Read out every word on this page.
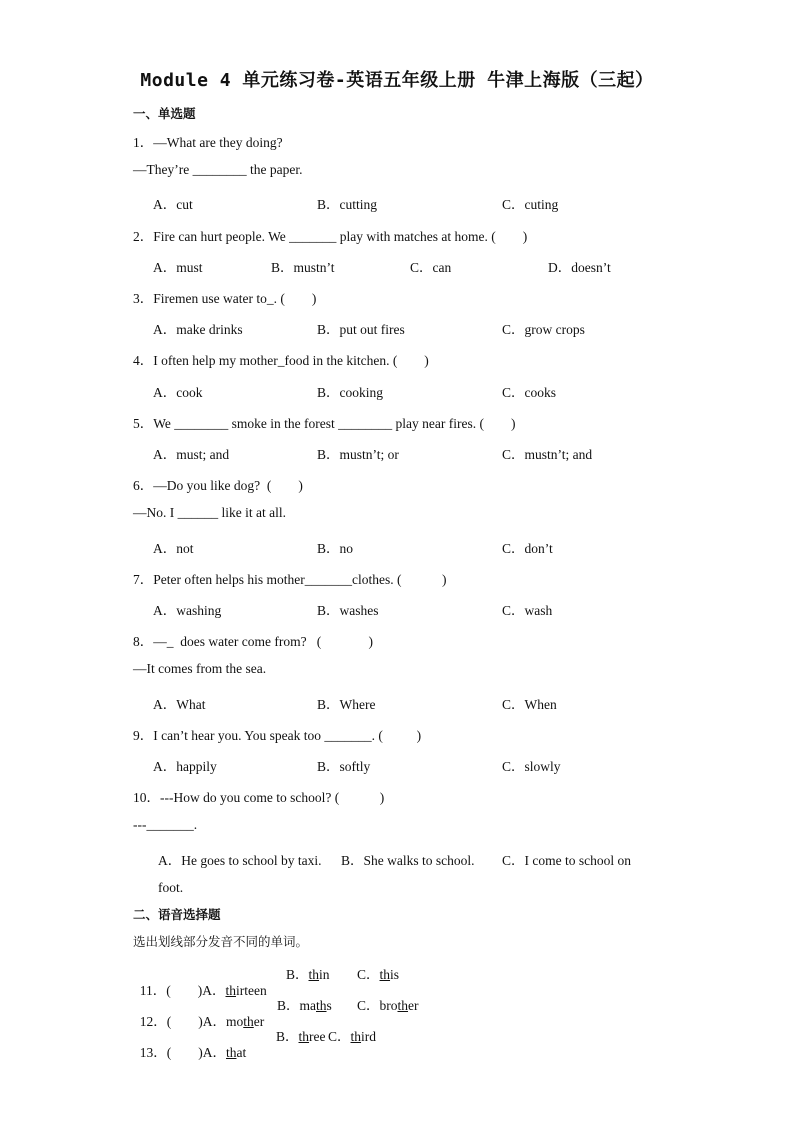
Module 4 单元练习卷-英语五年级上册 牛津上海版（三起）
一、单选题
1．—What are they doing?
—They’re ________ the paper.
A．cut	B．cutting	C．cuting
2．Fire can hurt people. We _______ play with matches at home. (        )
A．must	B．mustn’t	C．can	D．doesn’t
3．Firemen use water to_. (        )
A．make drinks	B．put out fires	C．grow crops
4．I often help my mother_food in the kitchen. (        )
A．cook	B．cooking	C．cooks
5．We ________ smoke in the forest ________ play near fires. (        )
A．must; and	B．mustn’t; or	C．mustn’t; and
6．—Do you like dog?  (        )
—No. I ______ like it at all.
A．not	B．no	C．don’t
7．Peter often helps his mother_______clothes. (            )
A．washing	B．washes	C．wash
8．—_  does water come from?   (              )
—It comes from the sea.
A．What	B．Where	C．When
9．I can’t hear you. You speak too _______. (          )
A．happily	B．softly	C．slowly
10．---How do you come to school? (            )
---_______.
A．He goes to school by taxi. B．She walks to school. C．I come to school on
foot.
二、语音选择题
选出划线部分发音不同的单词。

11．(        )A．thirteen

B．thin C．this

12．(        )A．mother

B．maths C．brother

13．(        )A．that

B．three C．third
